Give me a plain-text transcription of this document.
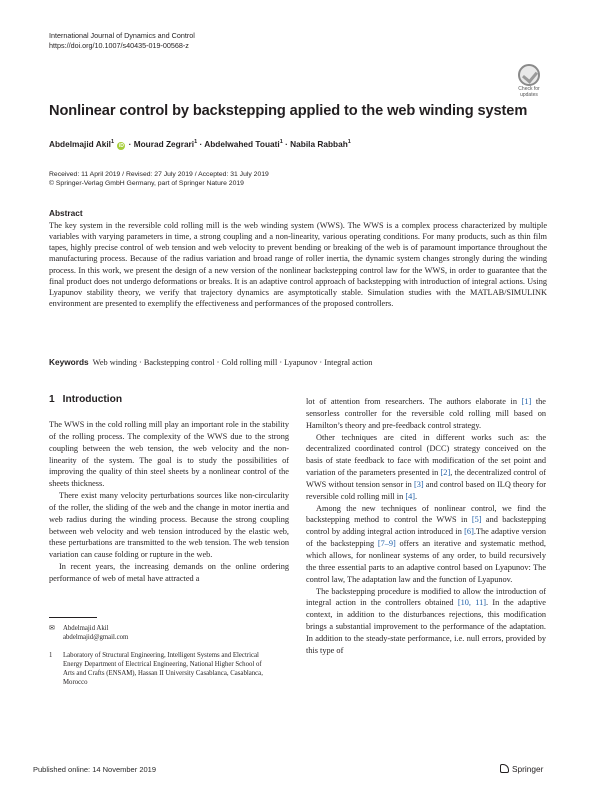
International Journal of Dynamics and Control
https://doi.org/10.1007/s40435-019-00568-z
Check for
updates
Nonlinear control by backstepping applied to the web winding system
Abdelmajid Akil$^1$ iD · Mourad Zegrari$^1$ · Abdelwahed Touati$^1$ · Nabila Rabbah$^1$
Received: 11 April 2019 / Revised: 27 July 2019 / Accepted: 31 July 2019
© Springer-Verlag GmbH Germany, part of Springer Nature 2019
Abstract

The key system in the reversible cold rolling mill is the web winding system (WWS). The WWS is a complex process characterized by multiple variables with varying parameters in time, a strong coupling and a non-linearity, various operating conditions. For many products, such as thin film tapes, highly precise control of web tension and web velocity to prevent bending or breaking of the web is of paramount importance throughout the manufacturing process. Because of the radius variation and broad range of roller inertia, the dynamic system changes strongly during the winding process. In this work, we present the design of a new version of the nonlinear backstepping control law for the WWS, in order to guarantee that the final product does not undergo deformations or breaks. It is an adaptive control approach of backstepping with introduction of integral actions. Using Lyapunov stability theory, we verify that trajectory dynamics are asymptotically stable. Simulation studies with the MATLAB/SIMULINK environment are presented to exemplify the effectiveness and performances of the proposed controllers.

Keywords Web winding · Backstepping control · Cold rolling mill · Lyapunov · Integral action
1 Introduction

The WWS in the cold rolling mill play an important role in the stability of the rolling process. The complexity of the WWS due to the strong coupling between the web tension, the web velocity and the non-linearity of the system. The goal is to study the possibilities of improving the quality of thin steel sheets by a nonlinear control of the sheets thickness.

There exist many velocity perturbations sources like non-circularity of the roller, the sliding of the web and the change in motor inertia and web radius during the winding process. Because the strong coupling between web velocity and web tension introduced by the elastic web, these perturbations are transmitted to the web tension. The web tension variation can cause folding or rupture in the web.

In recent years, the increasing demands on the online ordering performance of web of metal have attracted a

lot of attention from researchers. The authors elaborate in [1] the sensorless controller for the reversible cold rolling mill based on Hamilton’s theory and pre-feedback control strategy.

Other techniques are cited in different works such as: the decentralized coordinated control (DCC) strategy conceived on the basis of state feedback to face with modification of the set point and variation of the parameters presented in [2], the decentralized control of WWS without tension sensor in [3] and control based on ILQ theory for reversible cold rolling mill in [4].

Among the new techniques of nonlinear control, we find the backstepping method to control the WWS in [5] and backstepping control by adding integral action introduced in [6].The adaptive version of the backstepping [7–9] offers an iterative and systematic method, which allows, for nonlinear systems of any order, to build recursively the three essential parts to an adaptive control based on Lyapunov: The control law, The adaptation law and the function of Lyapunov.

The backstepping procedure is modified to allow the introduction of integral action in the controllers obtained [10, 11]. In the adaptive context, in addition to the disturbances rejections, this modification brings a substantial improvement to the performance of the adaptation. In addition to the steady-state performance, i.e. null errors, provided by this type of

✉ Abdelmajid Akil
abdelmajid@gmail.com
1 Laboratory of Structural Engineering, Intelligent Systems and Electrical Energy Department of Electrical Engineering, National Higher School of Arts and Crafts (ENSAM), Hassan II University Casablanca, Casablanca, Morocco
Published online: 14 November 2019	Springer
